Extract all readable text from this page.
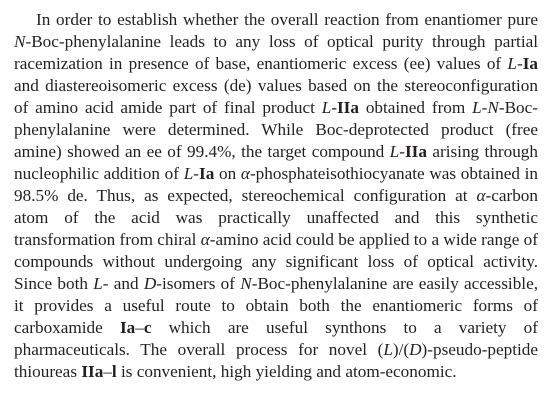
In order to establish whether the overall reaction from enantiomer pure N-Boc-phenylalanine leads to any loss of optical purity through partial racemization in presence of base, enantiomeric excess (ee) values of L-Ia and diastereoisomeric excess (de) values based on the stereoconfiguration of amino acid amide part of final product L-IIa obtained from L-N-Boc-phenylalanine were determined. While Boc-deprotected product (free amine) showed an ee of 99.4%, the target compound L-IIa arising through nucleophilic addition of L-Ia on α-phosphateisothiocyanate was obtained in 98.5% de. Thus, as expected, stereochemical configuration at α-carbon atom of the acid was practically unaffected and this synthetic transformation from chiral α-amino acid could be applied to a wide range of compounds without undergoing any significant loss of optical activity. Since both L- and D-isomers of N-Boc-phenylalanine are easily accessible, it provides a useful route to obtain both the enantiomeric forms of carboxamide Ia–c which are useful synthons to a variety of pharmaceuticals. The overall process for novel (L)/(D)-pseudo-peptide thioureas IIa–l is convenient, high yielding and atom-economic.
